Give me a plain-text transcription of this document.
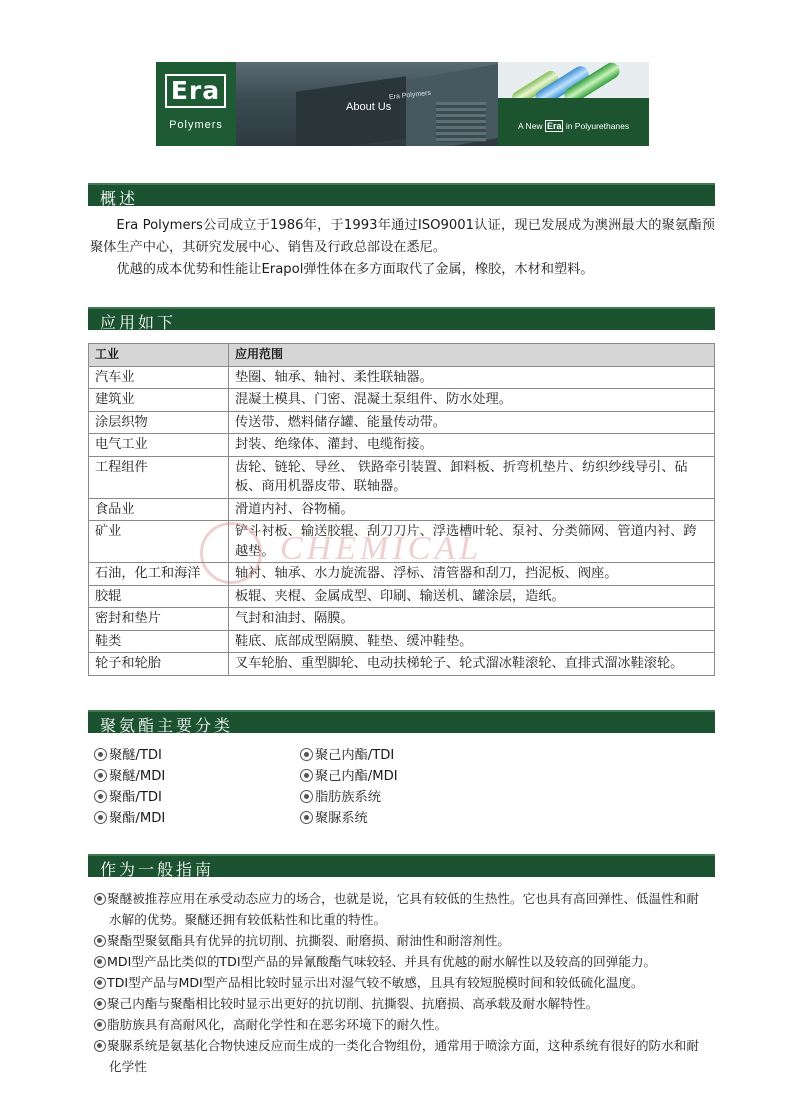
Era
Polymers
Era Polymers
About Us
A New Era in Polyurethanes
概述

Era Polymers公司成立于1986年，于1993年通过ISO9001认证，现已发展成为澳洲最大的聚氨酯预聚体生产中心，其研究发展中心、销售及行政总部设在悉尼。

优越的成本优势和性能让Erapol弹性体在多方面取代了金属，橡胶，木材和塑料。

应用如下
工业	应用范围
汽车业	垫圈、轴承、轴衬、柔性联轴器。
建筑业	混凝土模具、门密、混凝土泵组件、防水处理。
涂层织物	传送带、燃料储存罐、能量传动带。
电气工业	封装、绝缘体、灌封、电缆衔接。
工程组件	齿轮、链轮、导丝、 铁路牵引装置、卸料板、折弯机垫片、纺织纱线导引、砧板、商用机器皮带、联轴器。
食品业	滑道内衬、谷物桶。
矿业	铲斗衬板、输送胶辊、刮刀刀片、浮选槽叶轮、泵衬、分类筛网、管道内衬、跨越垫。
石油，化工和海洋	轴衬、轴承、水力旋流器、浮标、清管器和刮刀，挡泥板、阀座。
胶辊	板辊、夹棍、金属成型、印刷、输送机、罐涂层，造纸。
密封和垫片	气封和油封、隔膜。
鞋类	鞋底、底部成型隔膜、鞋垫、缓冲鞋垫。
轮子和轮胎	叉车轮胎、重型脚轮、电动扶梯轮子、轮式溜冰鞋滚轮、直排式溜冰鞋滚轮。
CHEMICAL
聚氨酯主要分类
聚醚/TDI
聚醚/MDI
聚酯/TDI
聚酯/MDI
聚己内酯/TDI
聚己内酯/MDI
脂肪族系统
聚脲系统
作为一般指南
聚醚被推荐应用在承受动态应力的场合，也就是说，它具有较低的生热性。它也具有高回弹性、低温性和耐水解的优势。聚醚还拥有较低粘性和比重的特性。
聚酯型聚氨酯具有优异的抗切削、抗撕裂、耐磨损、耐油性和耐溶剂性。
MDI型产品比类似的TDI型产品的异氰酸酯气味较轻、并具有优越的耐水解性以及较高的回弹能力。
TDI型产品与MDI型产品相比较时显示出对湿气较不敏感，且具有较短脱模时间和较低硫化温度。
聚己内酯与聚酯相比较时显示出更好的抗切削、抗撕裂、抗磨损、高承载及耐水解特性。
脂肪族具有高耐风化，高耐化学性和在恶劣环境下的耐久性。
聚脲系统是氨基化合物快速反应而生成的一类化合物组份，通常用于喷涂方面，这种系统有很好的防水和耐化学性
